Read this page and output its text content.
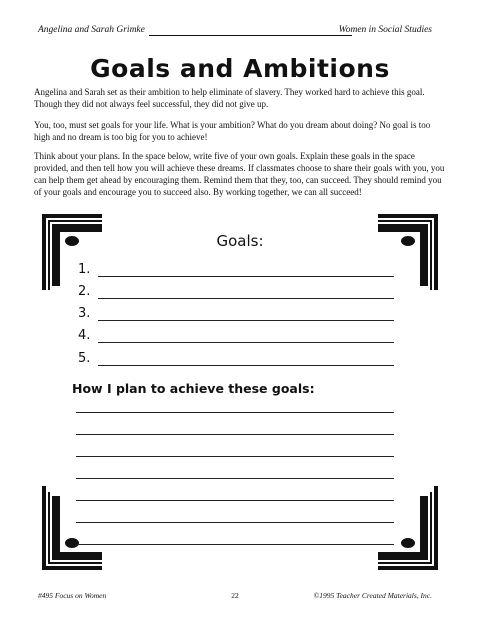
Angelina and Sarah Grimke	Women in Social Studies
Goals and Ambitions
Angelina and Sarah set as their ambition to help eliminate of slavery. They worked hard to achieve this goal. Though they did not always feel successful, they did not give up.
You, too, must set goals for your life. What is your ambition? What do you dream about doing? No goal is too high and no dream is too big for you to achieve!
Think about your plans. In the space below, write five of your own goals. Explain these goals in the space provided, and then tell how you will achieve these dreams. If classmates choose to share their goals with you, you can help them get ahead by encouraging them. Remind them that they, too, can succeed. They should remind you of your goals and encourage you to succeed also. By working together, we can all succeed!
Goals:
1.
2.
3.
4.
5.
How I plan to achieve these goals:
#495 Focus on Women	22	©1995 Teacher Created Materials, Inc.
